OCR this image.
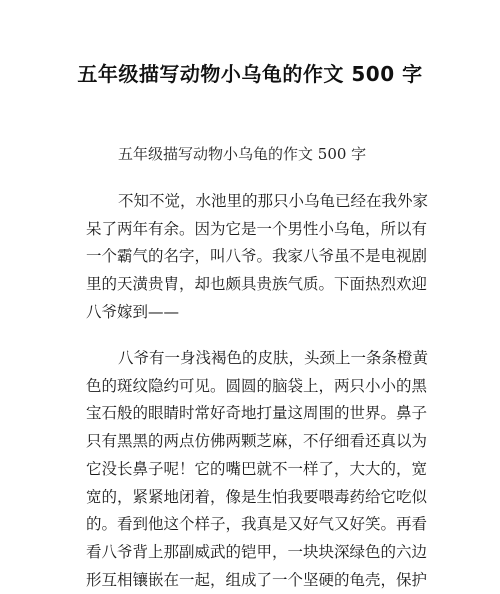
五年级描写动物小乌龟的作文 500 字
五年级描写动物小乌龟的作文 500 字
不知不觉，水池里的那只小乌龟已经在我外家
呆了两年有余。因为它是一个男性小乌龟，所以有
一个霸气的名字，叫八爷。我家八爷虽不是电视剧
里的天潢贵胄，却也颇具贵族气质。下面热烈欢迎
八爷嫁到——
八爷有一身浅褐色的皮肤，头颈上一条条橙黄
色的斑纹隐约可见。圆圆的脑袋上，两只小小的黑
宝石般的眼睛时常好奇地打量这周围的世界。鼻子
只有黑黑的两点仿佛两颗芝麻，不仔细看还真以为
它没长鼻子呢！它的嘴巴就不一样了，大大的，宽
宽的，紧紧地闭着，像是生怕我要喂毒药给它吃似
的。看到他这个样子，我真是又好气又好笑。再看
看八爷背上那副威武的铠甲，一块块深绿色的六边
形互相镶嵌在一起，组成了一个坚硬的龟壳，保护
